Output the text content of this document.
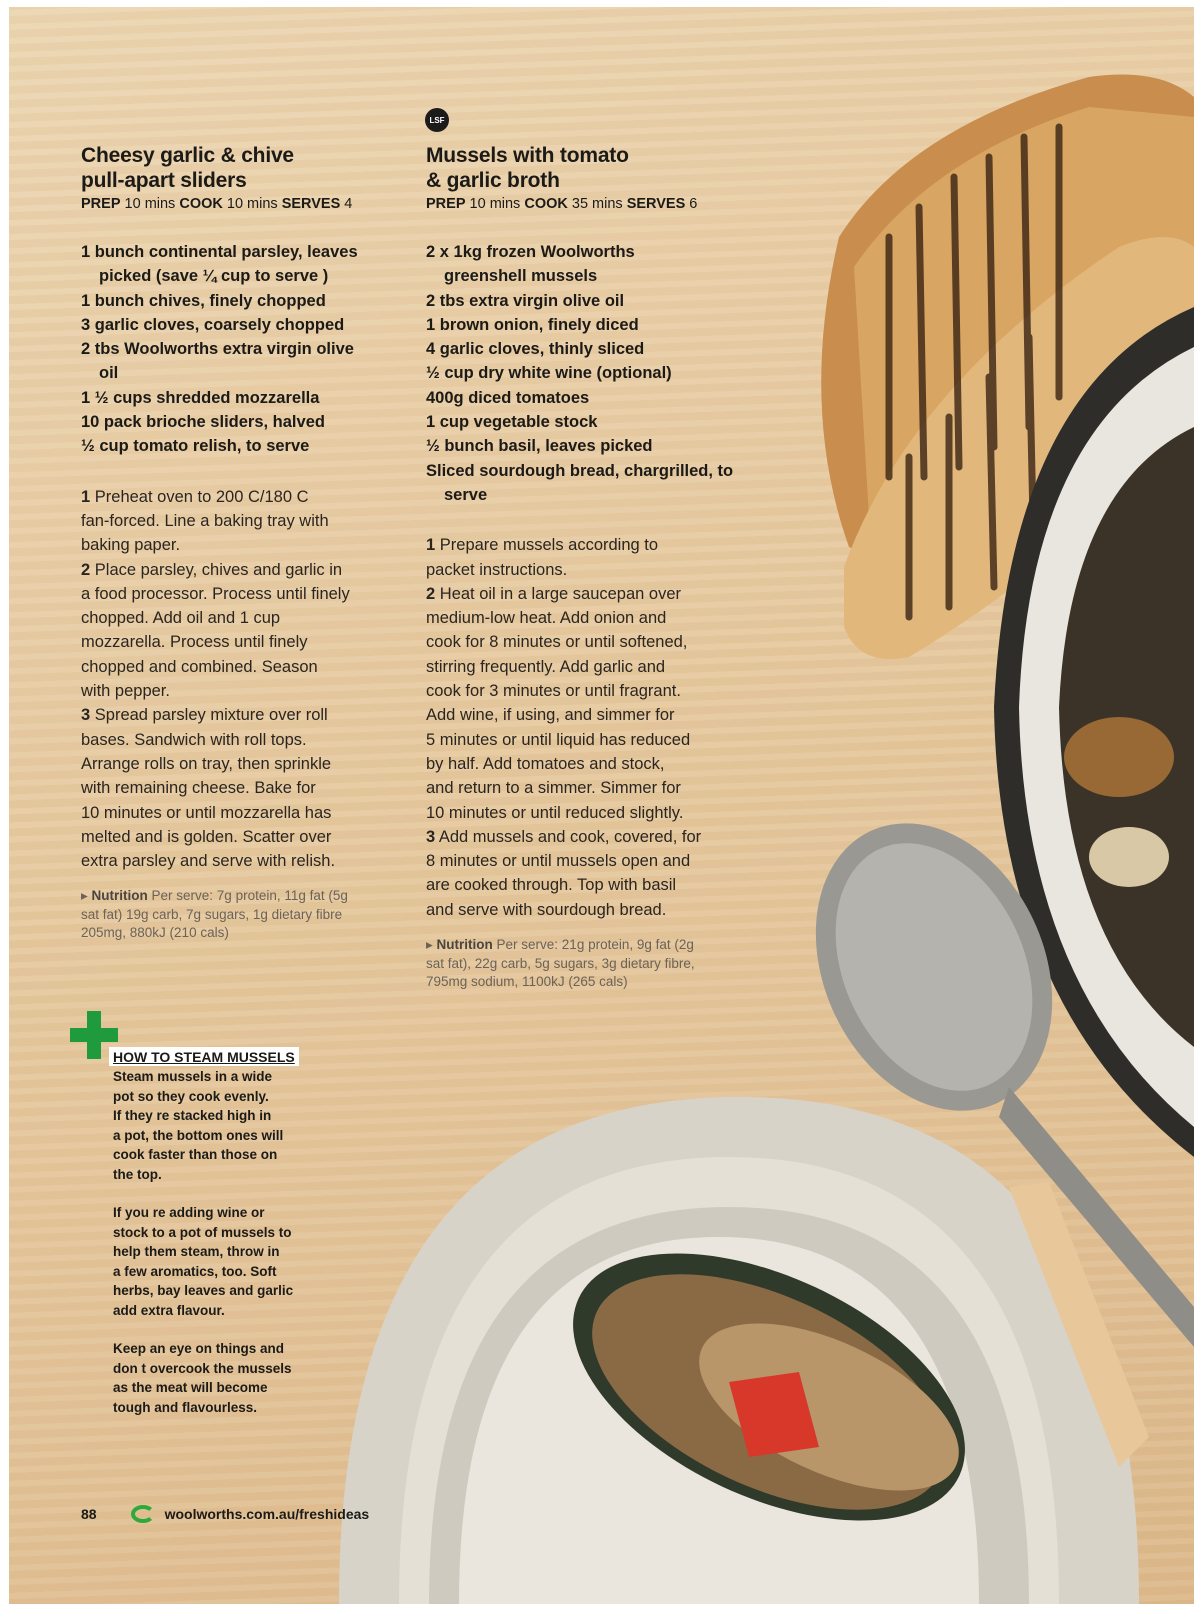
Cheesy garlic & chive
pull-apart sliders
PREP 10 mins COOK 10 mins SERVES 4
1 bunch continental parsley, leaves picked (save ¼ cup to serve )
1 bunch chives, finely chopped
3 garlic cloves, coarsely chopped
2 tbs Woolworths extra virgin olive oil
1 ½ cups shredded mozzarella
10 pack brioche sliders, halved
½ cup tomato relish, to serve
1 Preheat oven to 200 C/180 C
fan-forced. Line a baking tray with
baking paper.
2 Place parsley, chives and garlic in
a food processor. Process until finely
chopped. Add oil and 1 cup
mozzarella. Process until finely
chopped and combined. Season
with pepper.
3 Spread parsley mixture over roll
bases. Sandwich with roll tops.
Arrange rolls on tray, then sprinkle
with remaining cheese. Bake for
10 minutes or until mozzarella has
melted and is golden. Scatter over
extra parsley and serve with relish.
▸ Nutrition Per serve: 7g protein, 11g fat (5g
sat fat) 19g carb, 7g sugars, 1g dietary fibre
205mg, 880kJ (210 cals)
LSF
Mussels with tomato
& garlic broth
PREP 10 mins COOK 35 mins SERVES 6
2 x 1kg frozen Woolworths greenshell mussels
2 tbs extra virgin olive oil
1 brown onion, finely diced
4 garlic cloves, thinly sliced
½ cup dry white wine (optional)
400g diced tomatoes
1 cup vegetable stock
½ bunch basil, leaves picked
Sliced sourdough bread, chargrilled, to serve
1 Prepare mussels according to
packet instructions.
2 Heat oil in a large saucepan over
medium-low heat. Add onion and
cook for 8 minutes or until softened,
stirring frequently. Add garlic and
cook for 3 minutes or until fragrant.
Add wine, if using, and simmer for
5 minutes or until liquid has reduced
by half. Add tomatoes and stock,
and return to a simmer. Simmer for
10 minutes or until reduced slightly.
3 Add mussels and cook, covered, for
8 minutes or until mussels open and
are cooked through. Top with basil
and serve with sourdough bread.
▸ Nutrition Per serve: 21g protein, 9g fat (2g
sat fat), 22g carb, 5g sugars, 3g dietary fibre,
795mg sodium, 1100kJ (265 cals)
HOW TO STEAM MUSSELS

Steam mussels in a wide
pot so they cook evenly.
If they re stacked high in
a pot, the bottom ones will
cook faster than those on
the top.

If you re adding wine or
stock to a pot of mussels to
help them steam, throw in
a few aromatics, too. Soft
herbs, bay leaves and garlic
add extra flavour.

Keep an eye on things and
don t overcook the mussels
as the meat will become
tough and flavourless.

88	woolworths.com.au/freshideas
